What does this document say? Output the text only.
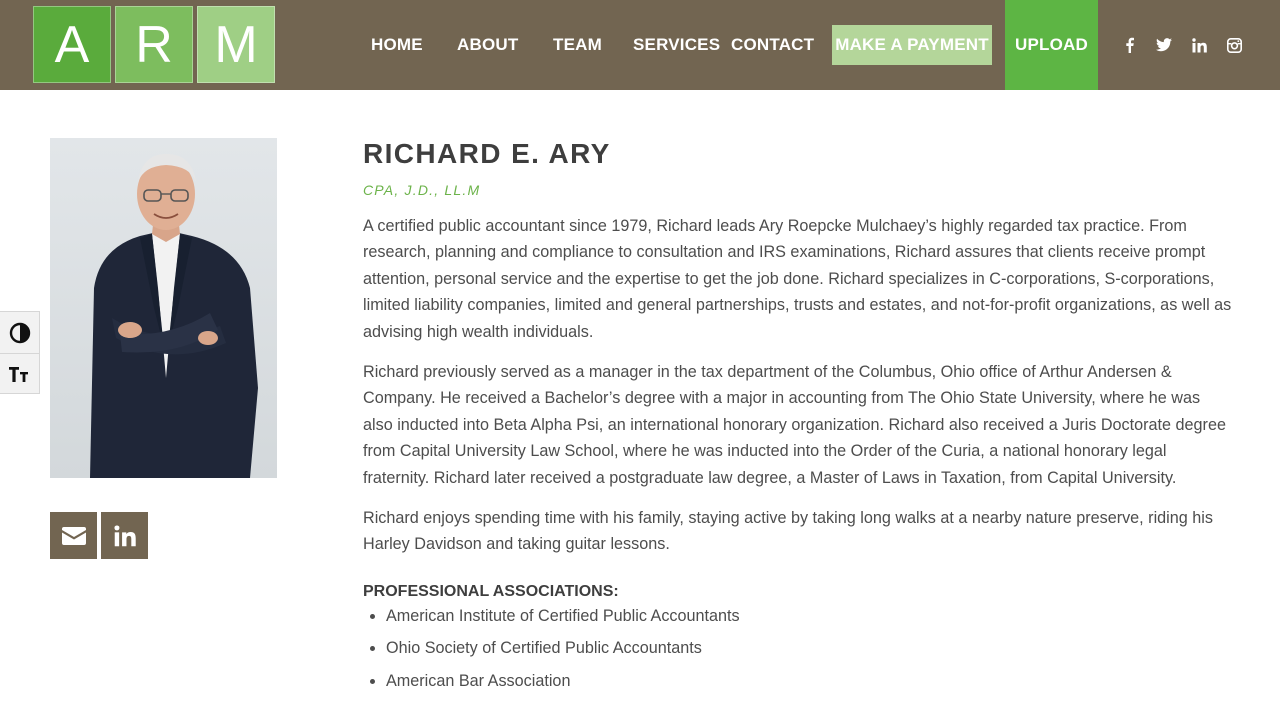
A R M	HOME ABOUT TEAM SERVICES CONTACT MAKE A PAYMENT	UPLOAD
RICHARD E. ARY
CPA, J.D., LL.M

A certified public accountant since 1979, Richard leads Ary Roepcke Mulchaey’s highly regarded tax practice. From research, planning and compliance to consultation and IRS examinations, Richard assures that clients receive prompt attention, personal service and the expertise to get the job done. Richard specializes in C-corporations, S-corporations, limited liability companies, limited and general partnerships, trusts and estates, and not-for-profit organizations, as well as advising high wealth individuals.

Richard previously served as a manager in the tax department of the Columbus, Ohio office of Arthur Andersen & Company. He received a Bachelor’s degree with a major in accounting from The Ohio State University, where he was also inducted into Beta Alpha Psi, an international honorary organization. Richard also received a Juris Doctorate degree from Capital University Law School, where he was inducted into the Order of the Curia, a national honorary legal fraternity. Richard later received a postgraduate law degree, a Master of Laws in Taxation, from Capital University.

Richard enjoys spending time with his family, staying active by taking long walks at a nearby nature preserve, riding his Harley Davidson and taking guitar lessons.

PROFESSIONAL ASSOCIATIONS:
• American Institute of Certified Public Accountants
• Ohio Society of Certified Public Accountants
• American Bar Association
